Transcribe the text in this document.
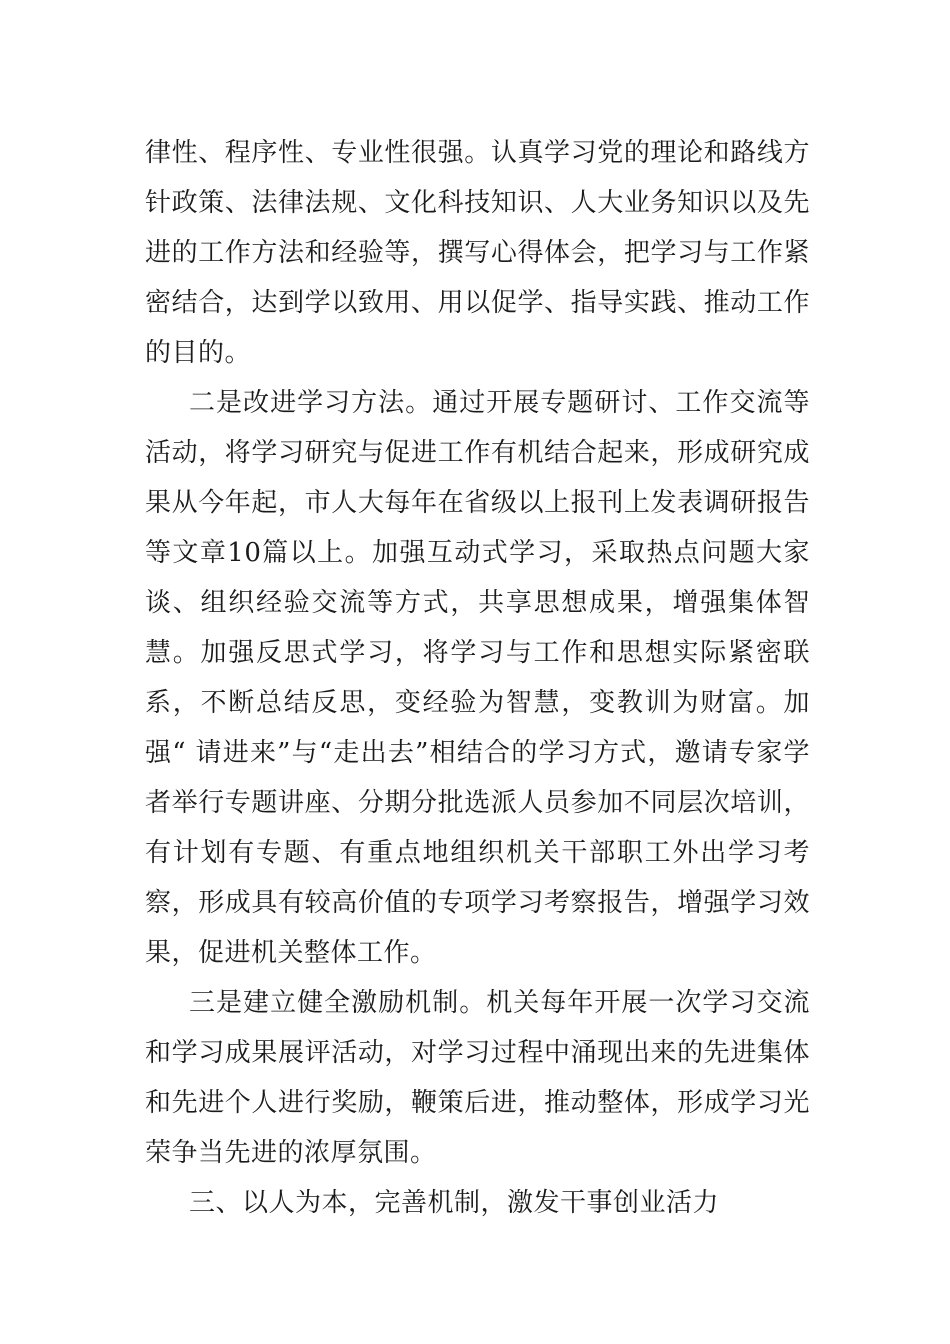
律性、程序性、专业性很强。认真学习党的理论和路线方针政策、法律法规、文化科技知识、人大业务知识以及先进的工作方法和经验等，撰写心得体会，把学习与工作紧密结合，达到学以致用、用以促学、指导实践、推动工作的目的。

二是改进学习方法。通过开展专题研讨、工作交流等活动，将学习研究与促进工作有机结合起来，形成研究成果从今年起，市人大每年在省级以上报刊上发表调研报告等文章10篇以上。加强互动式学习，采取热点问题大家谈、组织经验交流等方式，共享思想成果，增强集体智慧。加强反思式学习，将学习与工作和思想实际紧密联系，不断总结反思，变经验为智慧，变教训为财富。加强“ 请进来”与“走出去”相结合的学习方式，邀请专家学者举行专题讲座、分期分批选派人员参加不同层次培训，有计划有专题、有重点地组织机关干部职工外出学习考察，形成具有较高价值的专项学习考察报告，增强学习效果，促进机关整体工作。

三是建立健全激励机制。机关每年开展一次学习交流和学习成果展评活动，对学习过程中涌现出来的先进集体和先进个人进行奖励，鞭策后进，推动整体，形成学习光荣争当先进的浓厚氛围。

三、以人为本，完善机制，激发干事创业活力
